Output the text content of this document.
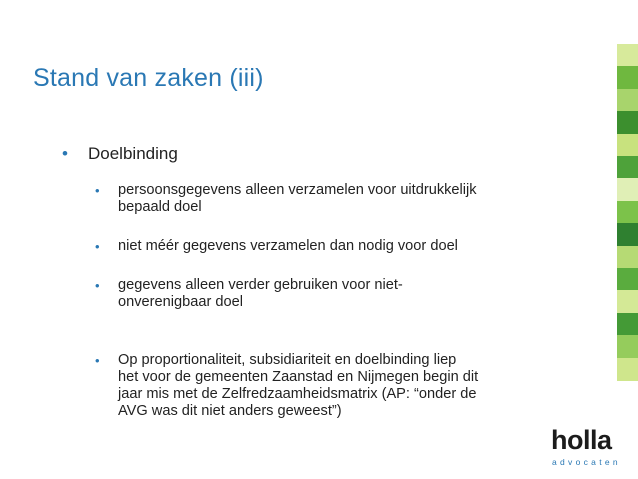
Stand van zaken (iii)
• Doelbinding
• persoonsgegevens alleen verzamelen voor uitdrukkelijk
bepaald doel
• niet méér gegevens verzamelen dan nodig voor doel
• gegevens alleen verder gebruiken voor niet-
onverenigbaar doel
• Op proportionaliteit, subsidiariteit en doelbinding liep
het voor de gemeenten Zaanstad en Nijmegen begin dit
jaar mis met de Zelfredzaamheidsmatrix (AP: “onder de
AVG was dit niet anders geweest”)
holla
advocaten
